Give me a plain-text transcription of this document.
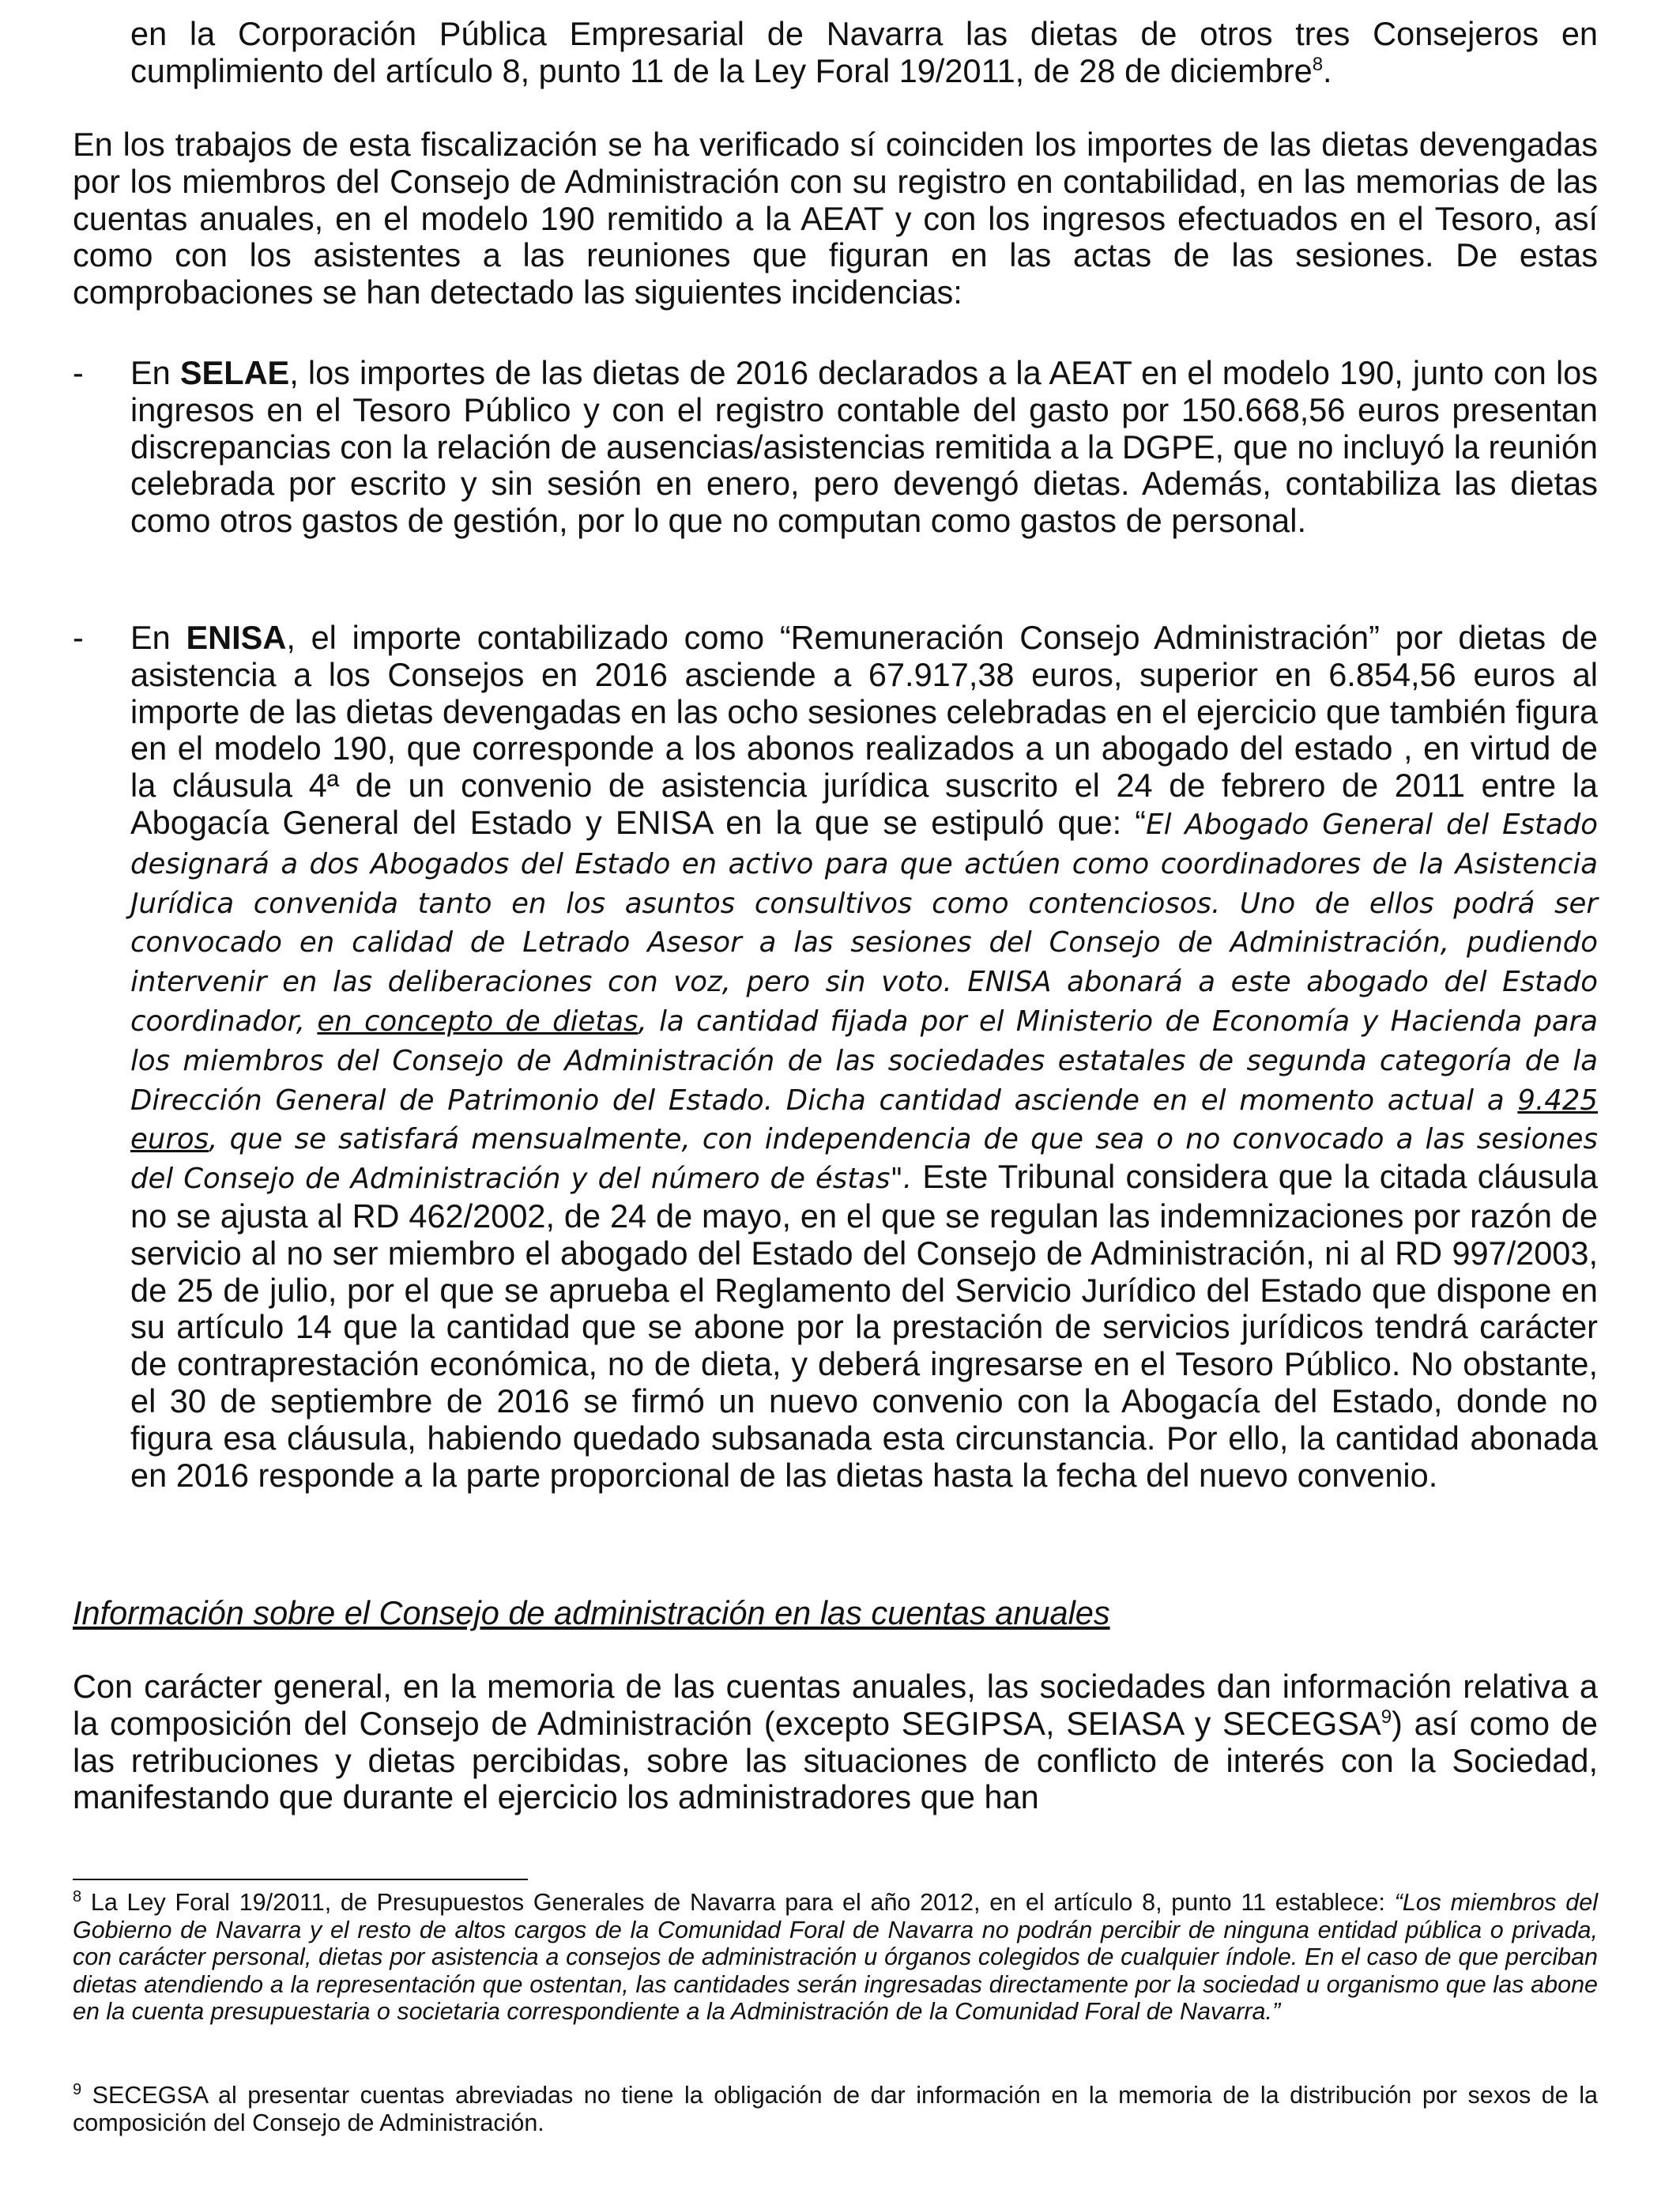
en la Corporación Pública Empresarial de Navarra las dietas de otros tres Consejeros en cumplimiento del artículo 8, punto 11 de la Ley Foral 19/2011, de 28 de diciembre$^8$.

En los trabajos de esta fiscalización se ha verificado sí coinciden los importes de las dietas devengadas por los miembros del Consejo de Administración con su registro en contabilidad, en las memorias de las cuentas anuales, en el modelo 190 remitido a la AEAT y con los ingresos efectuados en el Tesoro, así como con los asistentes a las reuniones que figuran en las actas de las sesiones. De estas comprobaciones se han detectado las siguientes incidencias:

- En SELAE, los importes de las dietas de 2016 declarados a la AEAT en el modelo 190, junto con los ingresos en el Tesoro Público y con el registro contable del gasto por 150.668,56 euros presentan discrepancias con la relación de ausencias/asistencias remitida a la DGPE, que no incluyó la reunión celebrada por escrito y sin sesión en enero, pero devengó dietas. Además, contabiliza las dietas como otros gastos de gestión, por lo que no computan como gastos de personal.

- En ENISA, el importe contabilizado como “Remuneración Consejo Administración” por dietas de asistencia a los Consejos en 2016 asciende a 67.917,38 euros, superior en 6.854,56 euros al importe de las dietas devengadas en las ocho sesiones celebradas en el ejercicio que también figura en el modelo 190, que corresponde a los abonos realizados a un abogado del estado , en virtud de la cláusula 4ª de un convenio de asistencia jurídica suscrito el 24 de febrero de 2011 entre la Abogacía General del Estado y ENISA en la que se estipuló que: “El Abogado General del Estado designará a dos Abogados del Estado en activo para que actúen como coordinadores de la Asistencia Jurídica convenida tanto en los asuntos consultivos como contenciosos. Uno de ellos podrá ser convocado en calidad de Letrado Asesor a las sesiones del Consejo de Administración, pudiendo intervenir en las deliberaciones con voz, pero sin voto. ENISA abonará a este abogado del Estado coordinador, en concepto de dietas, la cantidad fijada por el Ministerio de Economía y Hacienda para los miembros del Consejo de Administración de las sociedades estatales de segunda categoría de la Dirección General de Patrimonio del Estado. Dicha cantidad asciende en el momento actual a 9.425 euros, que se satisfará mensualmente, con independencia de que sea o no convocado a las sesiones del Consejo de Administración y del número de éstas". Este Tribunal considera que la citada cláusula no se ajusta al RD 462/2002, de 24 de mayo, en el que se regulan las indemnizaciones por razón de servicio al no ser miembro el abogado del Estado del Consejo de Administración, ni al RD 997/2003, de 25 de julio, por el que se aprueba el Reglamento del Servicio Jurídico del Estado que dispone en su artículo 14 que la cantidad que se abone por la prestación de servicios jurídicos tendrá carácter de contraprestación económica, no de dieta, y deberá ingresarse en el Tesoro Público. No obstante, el 30 de septiembre de 2016 se firmó un nuevo convenio con la Abogacía del Estado, donde no figura esa cláusula, habiendo quedado subsanada esta circunstancia. Por ello, la cantidad abonada en 2016 responde a la parte proporcional de las dietas hasta la fecha del nuevo convenio.

Información sobre el Consejo de administración en las cuentas anuales

Con carácter general, en la memoria de las cuentas anuales, las sociedades dan información relativa a la composición del Consejo de Administración (excepto SEGIPSA, SEIASA y SECEGSA$^9$) así como de las retribuciones y dietas percibidas, sobre las situaciones de conflicto de interés con la Sociedad, manifestando que durante el ejercicio los administradores que han

$^8$ La Ley Foral 19/2011, de Presupuestos Generales de Navarra para el año 2012, en el artículo 8, punto 11 establece: “Los miembros del Gobierno de Navarra y el resto de altos cargos de la Comunidad Foral de Navarra no podrán percibir de ninguna entidad pública o privada, con carácter personal, dietas por asistencia a consejos de administración u órganos colegidos de cualquier índole. En el caso de que perciban dietas atendiendo a la representación que ostentan, las cantidades serán ingresadas directamente por la sociedad u organismo que las abone en la cuenta presupuestaria o societaria correspondiente a la Administración de la Comunidad Foral de Navarra.”

$^9$ SECEGSA al presentar cuentas abreviadas no tiene la obligación de dar información en la memoria de la distribución por sexos de la composición del Consejo de Administración.
